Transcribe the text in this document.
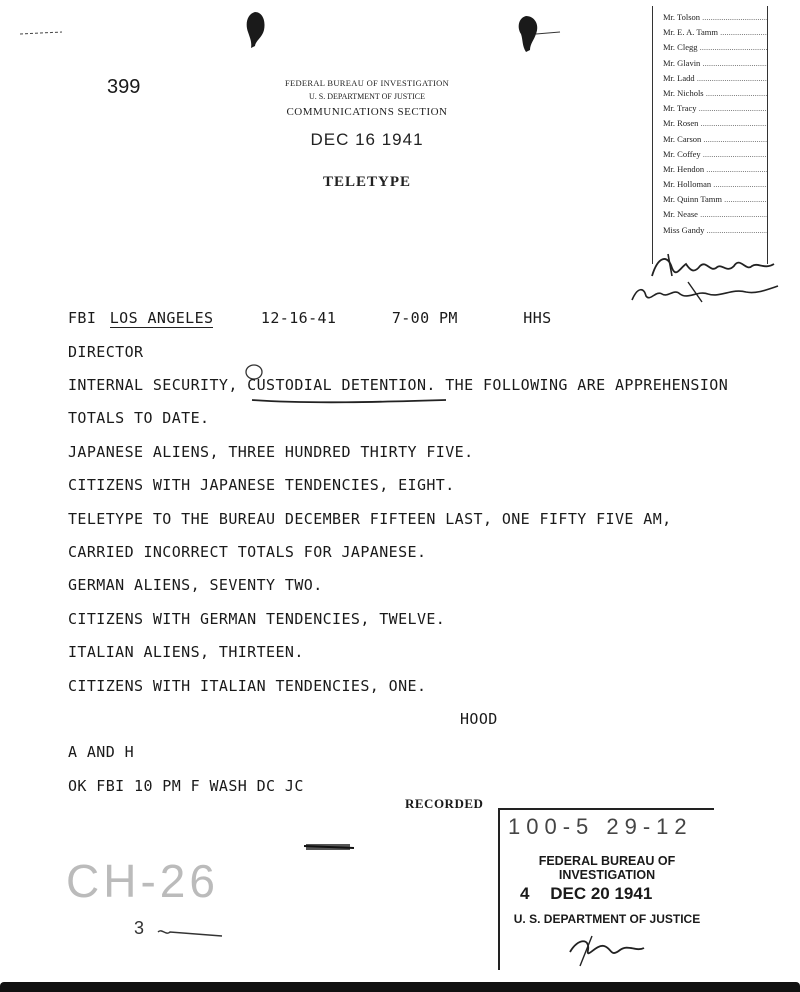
399	FEDERAL BUREAU OF INVESTIGATION
U. S. DEPARTMENT OF JUSTICE
COMMUNICATIONS SECTION
DEC 16 1941
TELETYPE
Mr. Tolson .....
Mr. E. A. Tamm .....
Mr. Clegg .....
Mr. Glavin .....
Mr. Ladd .....
Mr. Nichols .....
Mr. Tracy .....
Mr. Rosen .....
Mr. Carson .....
Mr. Coffey .....
Mr. Hendon .....
Mr. Holloman .....
Mr. Quinn Tamm .....
Mr. Nease .....
Miss Gandy .....
FBI LOS ANGELES	12-16-41	7-00 PM	HHS
DIRECTOR
INTERNAL SECURITY, CUSTODIAL DETENTION. THE FOLLOWING ARE APPREHENSION
TOTALS TO DATE.
JAPANESE ALIENS, THREE HUNDRED THIRTY FIVE.
CITIZENS WITH JAPANESE TENDENCIES, EIGHT.
TELETYPE TO THE BUREAU DECEMBER FIFTEEN LAST, ONE FIFTY FIVE AM,
CARRIED INCORRECT TOTALS FOR JAPANESE.
GERMAN ALIENS, SEVENTY TWO.
CITIZENS WITH GERMAN TENDENCIES, TWELVE.
ITALIAN ALIENS, THIRTEEN.
CITIZENS WITH ITALIAN TENDENCIES, ONE.
HOOD
A AND H
OK FBI 10 PM F WASH DC JC
RECORDED
100-5 29-12
FEDERAL BUREAU OF INVESTIGATION
4 DEC 20 1941
U. S. DEPARTMENT OF JUSTICE
CH-26
3
